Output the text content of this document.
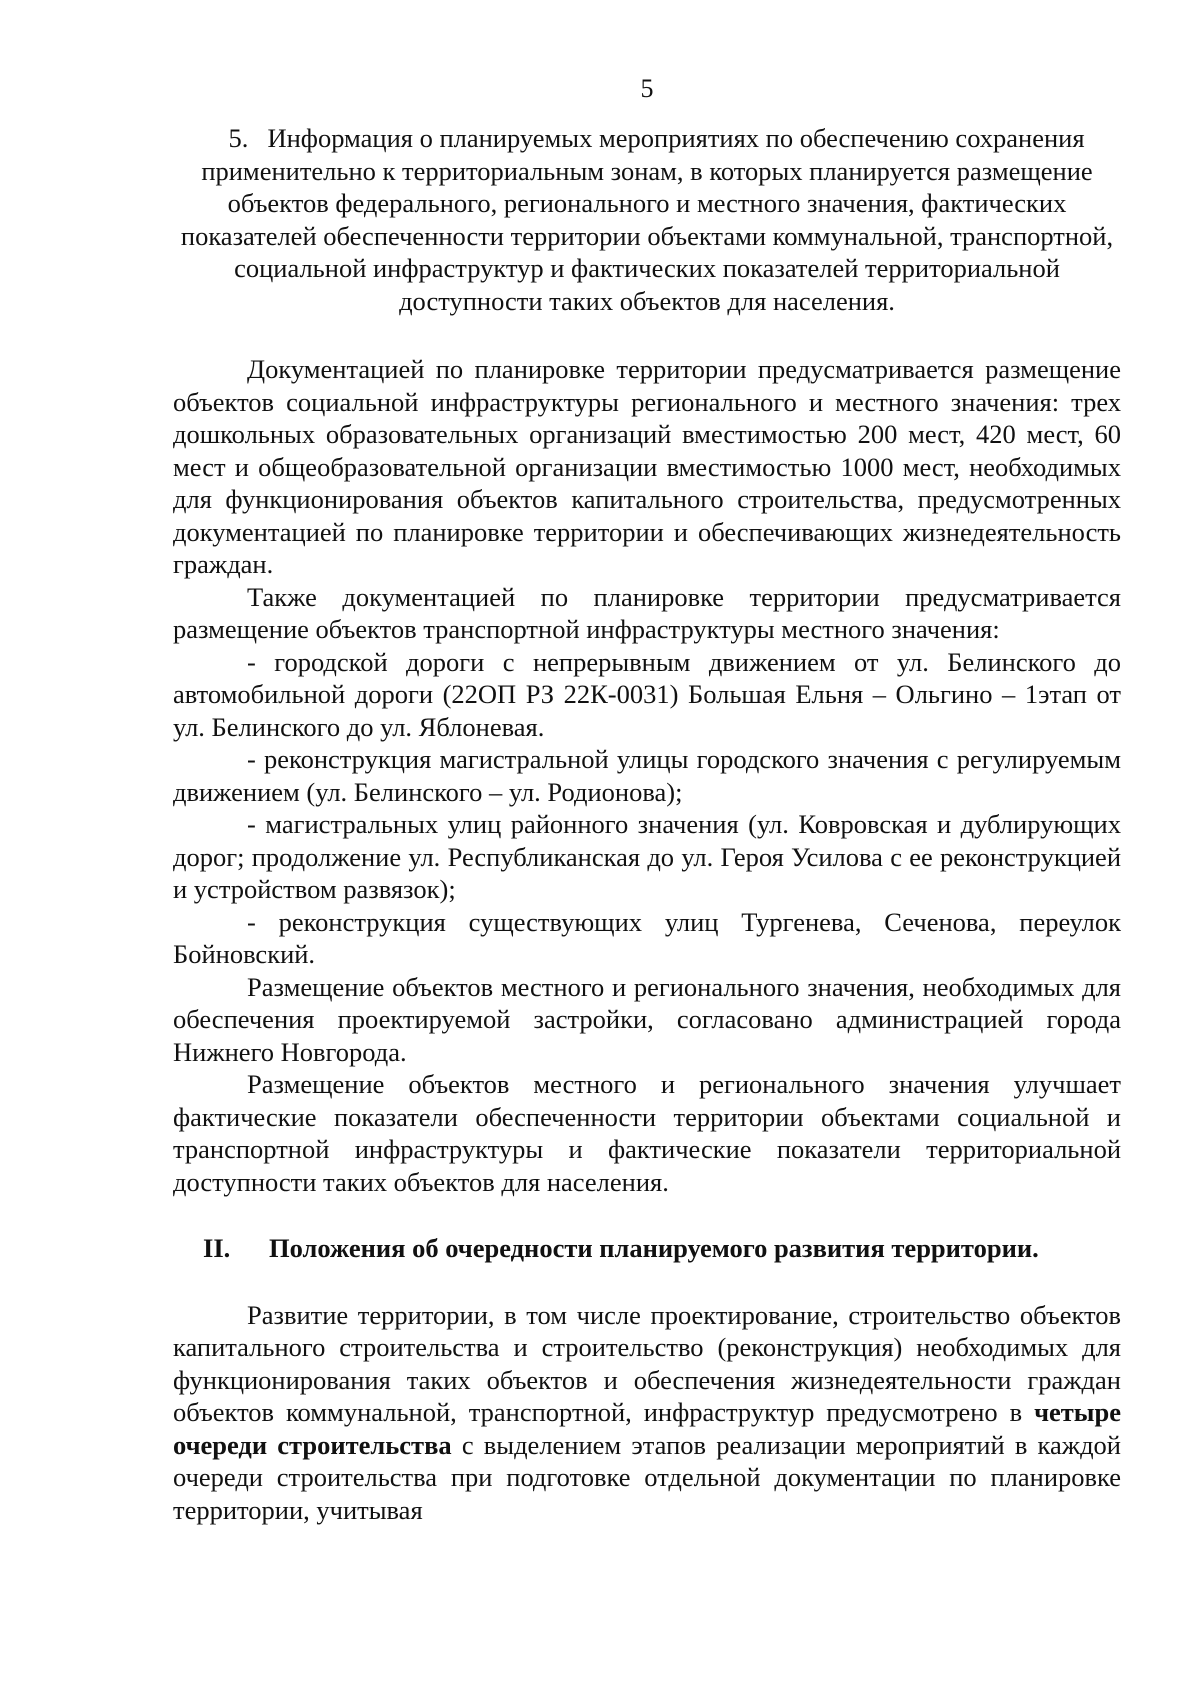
5
5. Информация о планируемых мероприятиях по обеспечению сохранения применительно к территориальным зонам, в которых планируется размещение объектов федерального, регионального и местного значения, фактических показателей обеспеченности территории объектами коммунальной, транспортной, социальной инфраструктур и фактических показателей территориальной доступности таких объектов для населения.

Документацией по планировке территории предусматривается размещение объектов социальной инфраструктуры регионального и местного значения: трех дошкольных образовательных организаций вместимостью 200 мест, 420 мест, 60 мест и общеобразовательной организации вместимостью 1000 мест, необходимых для функционирования объектов капитального строительства, предусмотренных документацией по планировке территории и обеспечивающих жизнедеятельность граждан.

Также документацией по планировке территории предусматривается размещение объектов транспортной инфраструктуры местного значения:

- городской дороги с непрерывным движением от ул. Белинского до автомобильной дороги (22ОП РЗ 22К-0031) Большая Ельня – Ольгино – 1этап от ул. Белинского до ул. Яблоневая.

- реконструкция магистральной улицы городского значения с регулируемым движением (ул. Белинского – ул. Родионова);

- магистральных улиц районного значения (ул. Ковровская и дублирующих дорог; продолжение ул. Республиканская до ул. Героя Усилова с ее реконструкцией и устройством развязок);

- реконструкция существующих улиц Тургенева, Сеченова, переулок Бойновский.

Размещение объектов местного и регионального значения, необходимых для обеспечения проектируемой застройки, согласовано администрацией города Нижнего Новгорода.

Размещение объектов местного и регионального значения улучшает фактические показатели обеспеченности территории объектами социальной и транспортной инфраструктуры и фактические показатели территориальной доступности таких объектов для населения.

II. Положения об очередности планируемого развития территории.

Развитие территории, в том числе проектирование, строительство объектов капитального строительства и строительство (реконструкция) необходимых для функционирования таких объектов и обеспечения жизнедеятельности граждан объектов коммунальной, транспортной, инфраструктур предусмотрено в четыре очереди строительства с выделением этапов реализации мероприятий в каждой очереди строительства при подготовке отдельной документации по планировке территории, учитывая
